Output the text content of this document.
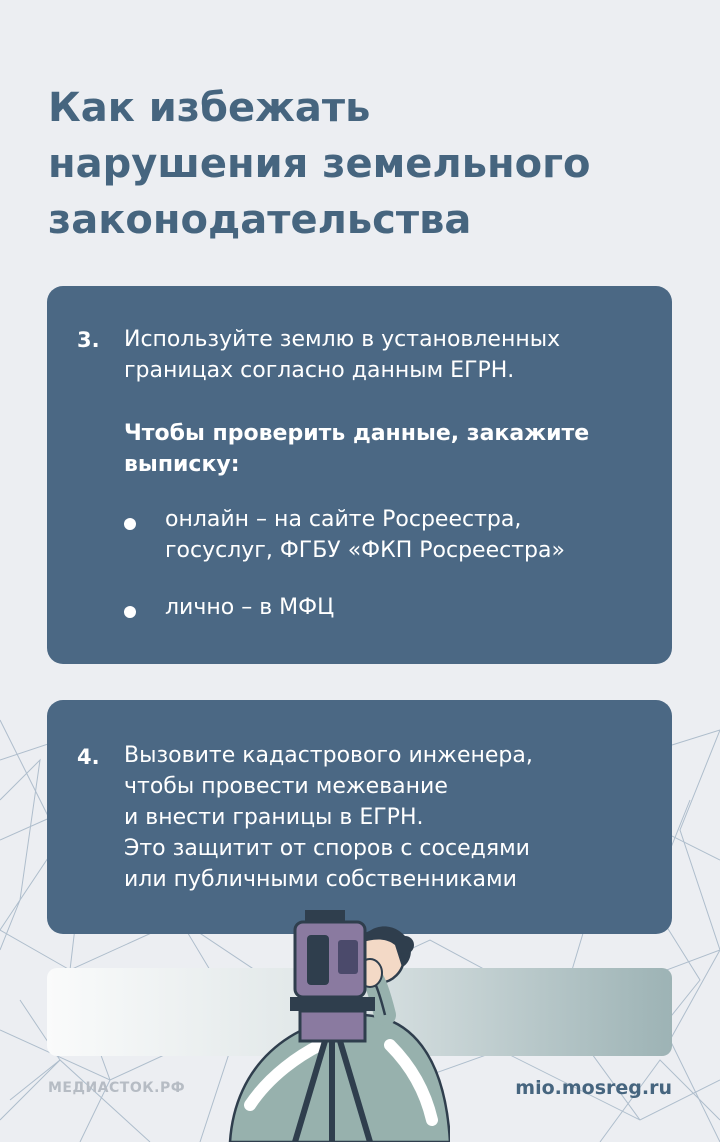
Как избежать
нарушения земельного
законодательства
3. Используйте землю в установленных
границах согласно данным ЕГРН.
Чтобы проверить данные, закажите
выписку:
онлайн – на сайте Росреестра,
госуслуг, ФГБУ «ФКП Росреестра»
лично – в МФЦ
4. Вызовите кадастрового инженера,
чтобы провести межевание
и внести границы в ЕГРН.
Это защитит от споров с соседями
или публичными собственниками
МЕДИАСТОК.РФ	mio.mosreg.ru
